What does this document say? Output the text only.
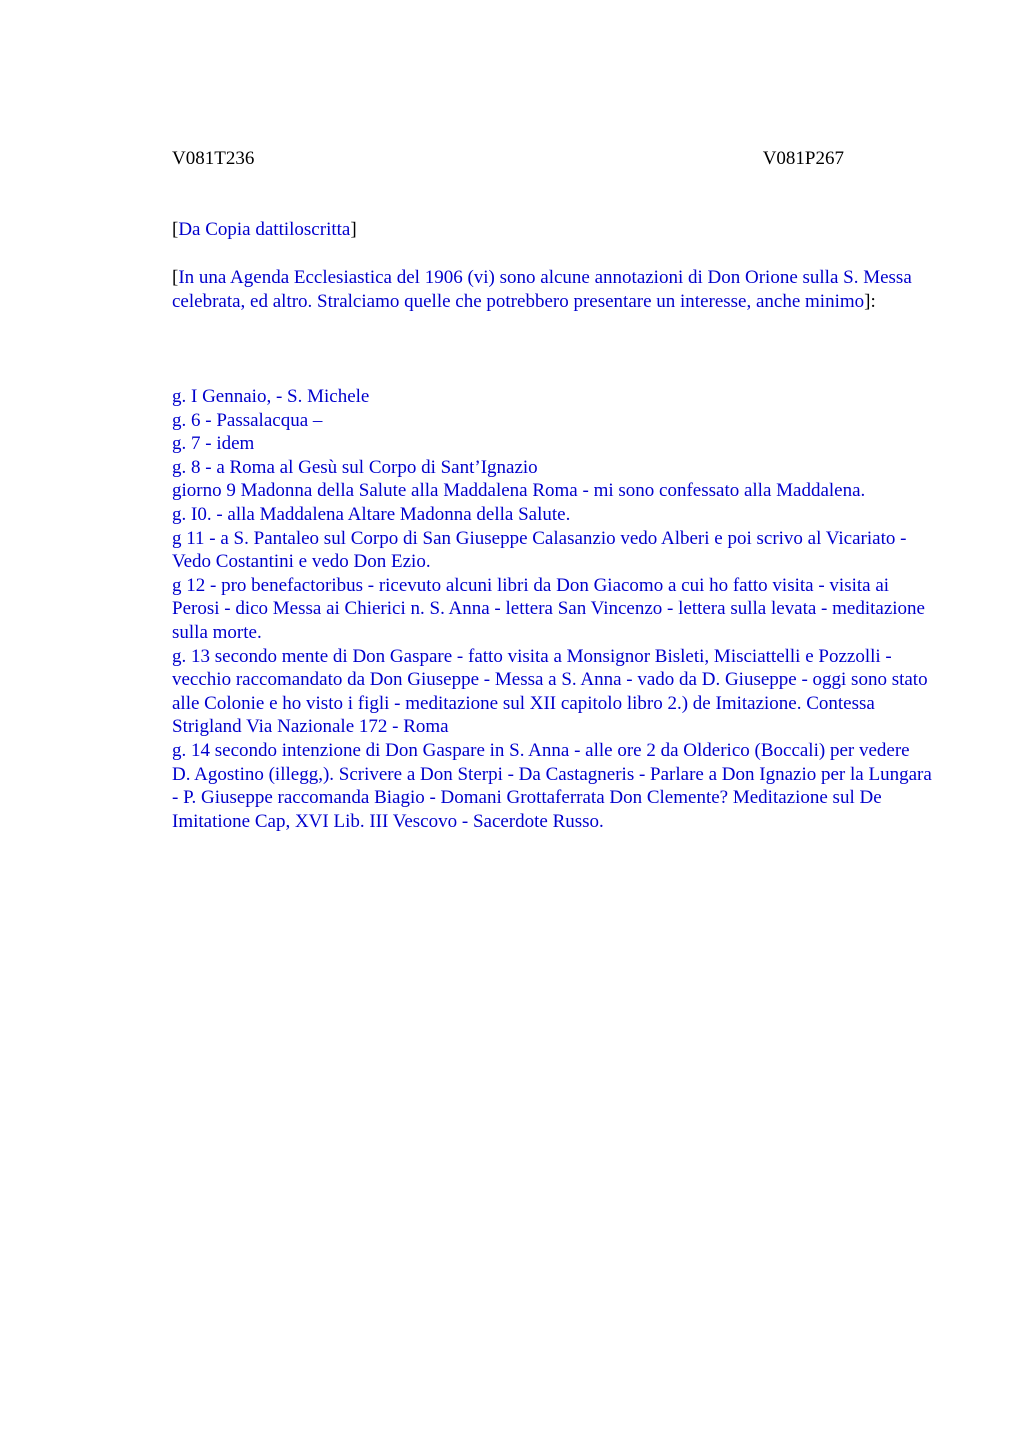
V081T236	V081P267

[Da Copia dattiloscritta]

[In una Agenda Ecclesiastica del 1906 (vi) sono alcune annotazioni di Don Orione sulla S. Messa celebrata, ed altro. Stralciamo quelle che potrebbero presentare un interesse, anche minimo]:

g. I Gennaio, - S. Michele
g. 6 - Passalacqua –
g. 7 - idem
g. 8 - a Roma al Gesù sul Corpo di Sant’Ignazio
giorno 9 Madonna della Salute alla Maddalena Roma - mi sono confessato alla Maddalena.
g. I0. - alla Maddalena Altare Madonna della Salute.
g 11 - a S. Pantaleo sul Corpo di San Giuseppe Calasanzio vedo Alberi e poi scrivo al Vicariato - Vedo Costantini e vedo Don Ezio.
g 12 - pro benefactoribus - ricevuto alcuni libri da Don Giacomo a cui ho fatto visita - visita ai Perosi - dico Messa ai Chierici n. S. Anna - lettera San Vincenzo - lettera sulla levata - meditazione sulla morte.
g. 13 secondo mente di Don Gaspare - fatto visita a Monsignor Bisleti, Misciattelli e Pozzolli - vecchio raccomandato da Don Giuseppe - Messa a S. Anna - vado da D. Giuseppe - oggi sono stato alle Colonie e ho visto i figli - meditazione sul XII capitolo libro 2.) de Imitazione. Contessa Strigland Via Nazionale 172 - Roma
g. 14 secondo intenzione di Don Gaspare in S. Anna - alle ore 2 da Olderico (Boccali) per vedere D. Agostino (illegg,). Scrivere a Don Sterpi - Da Castagneris - Parlare a Don Ignazio per la Lungara - P. Giuseppe raccomanda Biagio - Domani Grottaferrata Don Clemente? Meditazione sul De Imitatione Cap, XVI Lib. III Vescovo - Sacerdote Russo.
